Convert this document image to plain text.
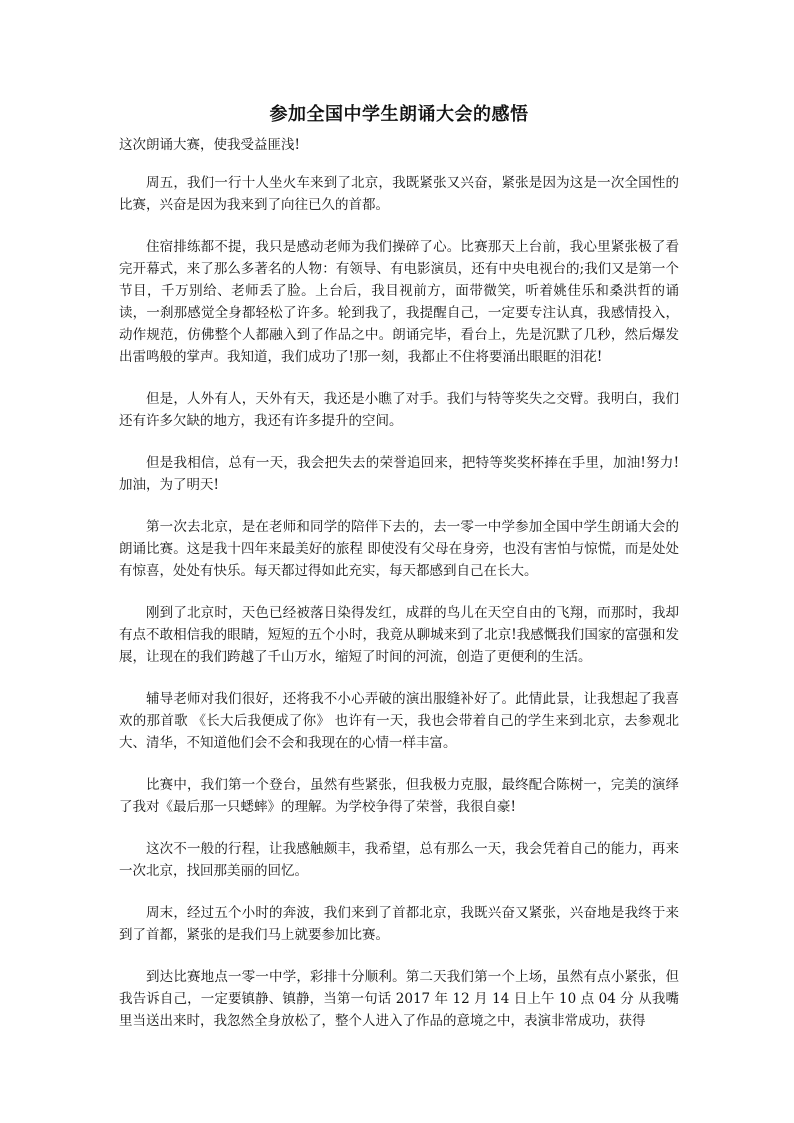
参加全国中学生朗诵大会的感悟

这次朗诵大赛，使我受益匪浅!

周五，我们一行十人坐火车来到了北京，我既紧张又兴奋，紧张是因为这是一次全国性的比赛，兴奋是因为我来到了向往已久的首都。

住宿排练都不提，我只是感动老师为我们操碎了心。比赛那天上台前，我心里紧张极了看完开幕式，来了那么多著名的人物：有领导、有电影演员，还有中央电视台的;我们又是第一个节目，千万别给、老师丢了脸。上台后，我目视前方，面带微笑，听着姚佳乐和桑洪哲的诵读，一刹那感觉全身都轻松了许多。轮到我了，我提醒自己，一定要专注认真，我感情投入，动作规范，仿佛整个人都融入到了作品之中。朗诵完毕，看台上，先是沉默了几秒，然后爆发出雷鸣般的掌声。我知道，我们成功了!那一刻，我都止不住将要涌出眼眶的泪花!

但是，人外有人，天外有天，我还是小瞧了对手。我们与特等奖失之交臂。我明白，我们还有许多欠缺的地方，我还有许多提升的空间。

但是我相信，总有一天，我会把失去的荣誉追回来，把特等奖奖杯捧在手里，加油!努力!加油，为了明天!

第一次去北京，是在老师和同学的陪伴下去的，去一零一中学参加全国中学生朗诵大会的朗诵比赛。这是我十四年来最美好的旅程 即使没有父母在身旁，也没有害怕与惊慌，而是处处有惊喜，处处有快乐。每天都过得如此充实，每天都感到自己在长大。

刚到了北京时，天色已经被落日染得发红，成群的鸟儿在天空自由的飞翔，而那时，我却有点不敢相信我的眼睛，短短的五个小时，我竟从聊城来到了北京!我感慨我们国家的富强和发展，让现在的我们跨越了千山万水，缩短了时间的河流，创造了更便利的生活。

辅导老师对我们很好，还将我不小心弄破的演出服缝补好了。此情此景，让我想起了我喜欢的那首歌 《长大后我便成了你》 也许有一天，我也会带着自己的学生来到北京，去参观北大、清华，不知道他们会不会和我现在的心情一样丰富。

比赛中，我们第一个登台，虽然有些紧张，但我极力克服，最终配合陈树一，完美的演绎了我对《最后那一只蟋蟀》的理解。为学校争得了荣誉，我很自豪!

这次不一般的行程，让我感触颇丰，我希望，总有那么一天，我会凭着自己的能力，再来一次北京，找回那美丽的回忆。

周末，经过五个小时的奔波，我们来到了首都北京，我既兴奋又紧张，兴奋地是我终于来到了首都，紧张的是我们马上就要参加比赛。

到达比赛地点一零一中学，彩排十分顺利。第二天我们第一个上场，虽然有点小紧张，但我告诉自己，一定要镇静、镇静，当第一句话 2017 年 12 月 14 日上午 10 点 04 分 从我嘴里当送出来时，我忽然全身放松了，整个人进入了作品的意境之中，表演非常成功，获得
